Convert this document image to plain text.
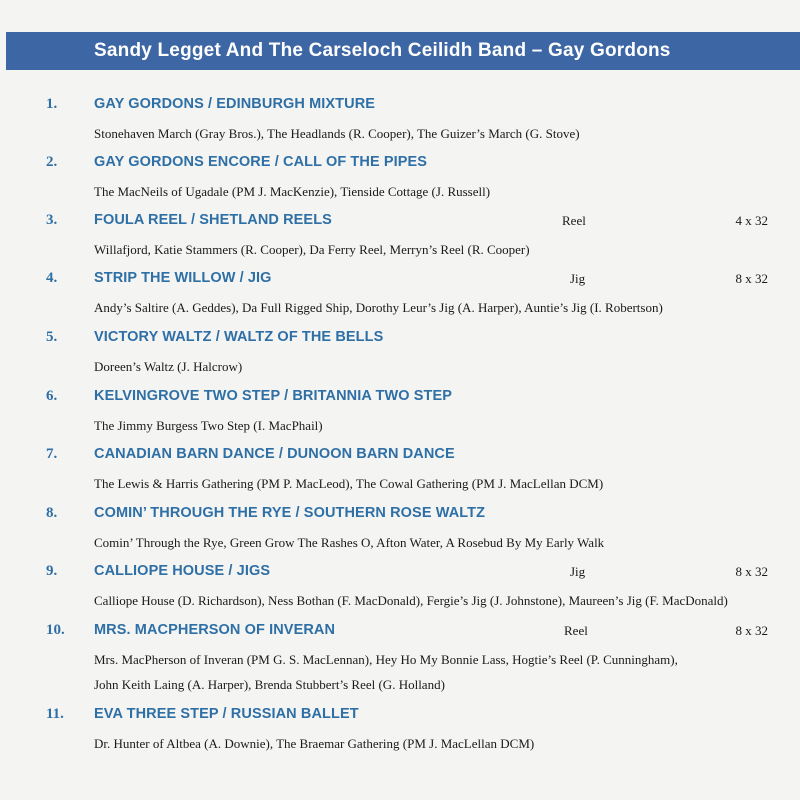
Sandy Legget And The Carseloch Ceilidh Band – Gay Gordons
1.	GAY GORDONS / EDINBURGH MIXTURE
Stonehaven March (Gray Bros.), The Headlands (R. Cooper), The Guizer’s March (G. Stove)
2.	GAY GORDONS ENCORE / CALL OF THE PIPES
The MacNeils of Ugadale (PM J. MacKenzie), Tienside Cottage (J. Russell)
3.	FOULA REEL / SHETLAND REELS	Reel	4 x 32
Willafjord, Katie Stammers (R. Cooper), Da Ferry Reel, Merryn’s Reel (R. Cooper)
4.	STRIP THE WILLOW / JIG	Jig	8 x 32
Andy’s Saltire (A. Geddes), Da Full Rigged Ship, Dorothy Leur’s Jig (A. Harper), Auntie’s Jig (I. Robertson)
5.	VICTORY WALTZ / WALTZ OF THE BELLS
Doreen’s Waltz (J. Halcrow)
6.	KELVINGROVE TWO STEP / BRITANNIA TWO STEP
The Jimmy Burgess Two Step (I. MacPhail)
7.	CANADIAN BARN DANCE / DUNOON BARN DANCE
The Lewis & Harris Gathering (PM P. MacLeod), The Cowal Gathering (PM J. MacLellan DCM)
8.	COMIN’ THROUGH THE RYE / SOUTHERN ROSE WALTZ
Comin’ Through the Rye, Green Grow The Rashes O, Afton Water, A Rosebud By My Early Walk
9.	CALLIOPE HOUSE / JIGS	Jig	8 x 32
Calliope House (D. Richardson), Ness Bothan (F. MacDonald), Fergie’s Jig (J. Johnstone), Maureen’s Jig (F. MacDonald)
10. MRS. MACPHERSON OF INVERAN	Reel	8 x 32
Mrs. MacPherson of Inveran (PM G. S. MacLennan), Hey Ho My Bonnie Lass, Hogtie’s Reel (P. Cunningham),
John Keith Laing (A. Harper), Brenda Stubbert’s Reel (G. Holland)
11. EVA THREE STEP / RUSSIAN BALLET
Dr. Hunter of Altbea (A. Downie), The Braemar Gathering (PM J. MacLellan DCM)
